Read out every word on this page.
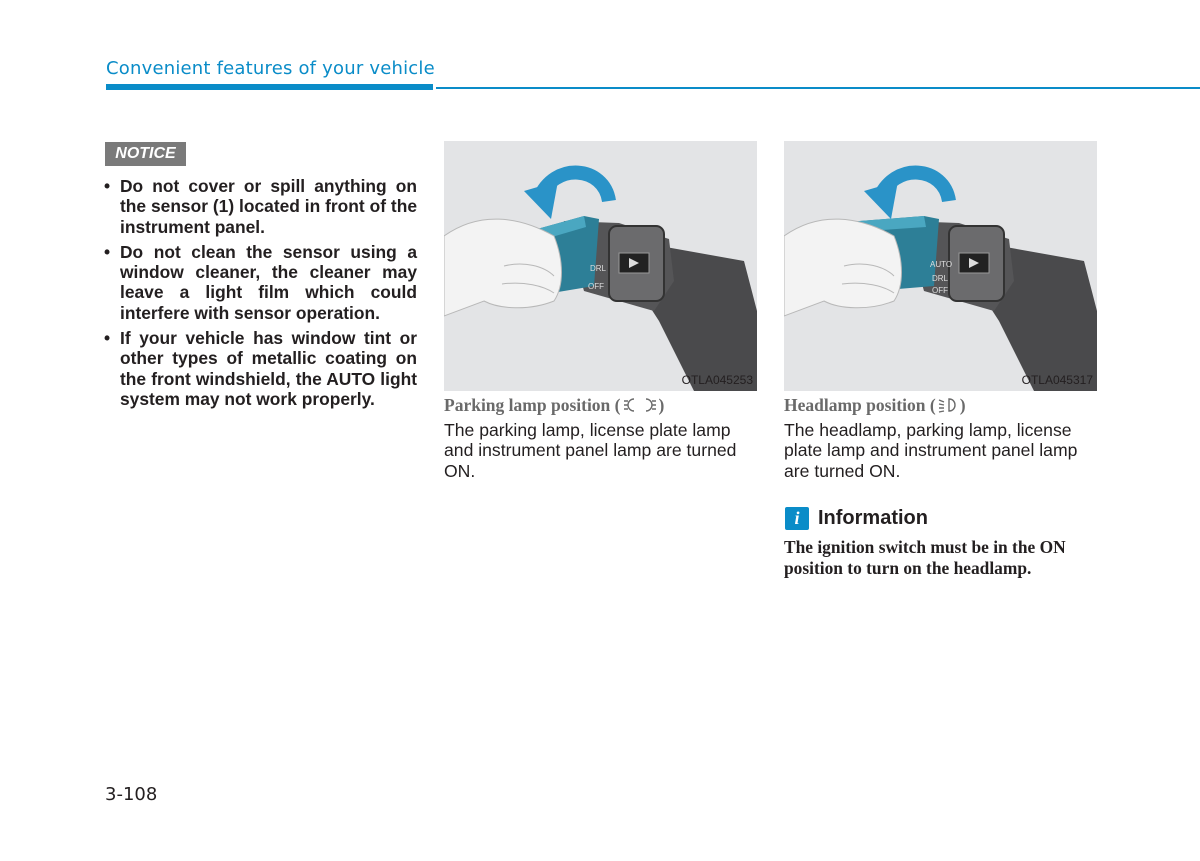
Convenient features of your vehicle
NOTICE
• Do not cover or spill anything on the sensor (1) located in front of the instrument panel.
• Do not clean the sensor using a window cleaner, the cleaner may leave a light film which could interfere with sensor operation.
• If your vehicle has window tint or other types of metallic coating on the front windshield, the AUTO light system may not work properly.
DRL
OFF
OTLA045253
AUTO
DRL
OFF
OTLA045317
Parking lamp position ( )
The parking lamp, license plate lamp and instrument panel lamp are turned ON.
Headlamp position ( )
The headlamp, parking lamp, license plate lamp and instrument panel lamp are turned ON.
i Information
The ignition switch must be in the ON position to turn on the headlamp.
3-108
